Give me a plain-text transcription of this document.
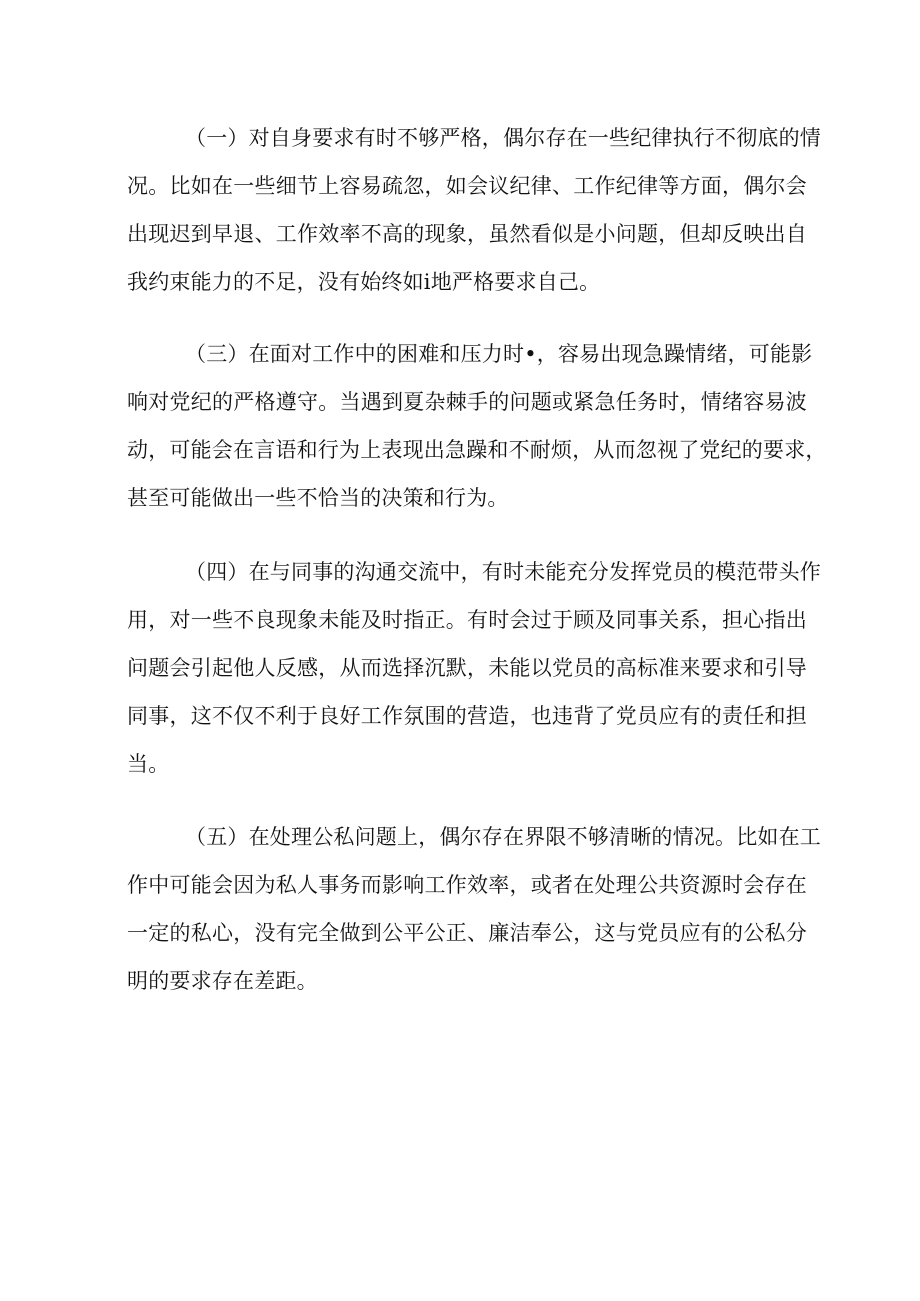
（一）对自身要求有时不够严格，偶尔存在一些纪律执行不彻底的情
况。比如在一些细节上容易疏忽，如会议纪律、工作纪律等方面，偶尔会
出现迟到早退、工作效率不高的现象，虽然看似是小问题，但却反映出自
我约束能力的不足，没有始终如i地严格要求自己。
（三）在面对工作中的困难和压力时•，容易出现急躁情绪，可能影
响对党纪的严格遵守。当遇到夏杂棘手的问题或紧急任务时，情绪容易波
动，可能会在言语和行为上表现出急躁和不耐烦，从而忽视了党纪的要求，
甚至可能做出一些不恰当的决策和行为。
（四）在与同事的沟通交流中，有时未能充分发挥党员的模范带头作
用，对一些不良现象未能及时指正。有时会过于顾及同事关系，担心指出
问题会引起他人反感，从而选择沉默，未能以党员的高标准来要求和引导
同事，这不仅不利于良好工作氛围的营造，也违背了党员应有的责任和担
当。
（五）在处理公私问题上，偶尔存在界限不够清晰的情况。比如在工
作中可能会因为私人事务而影响工作效率，或者在处理公共资源时会存在
一定的私心，没有完全做到公平公正、廉洁奉公，这与党员应有的公私分
明的要求存在差距。
